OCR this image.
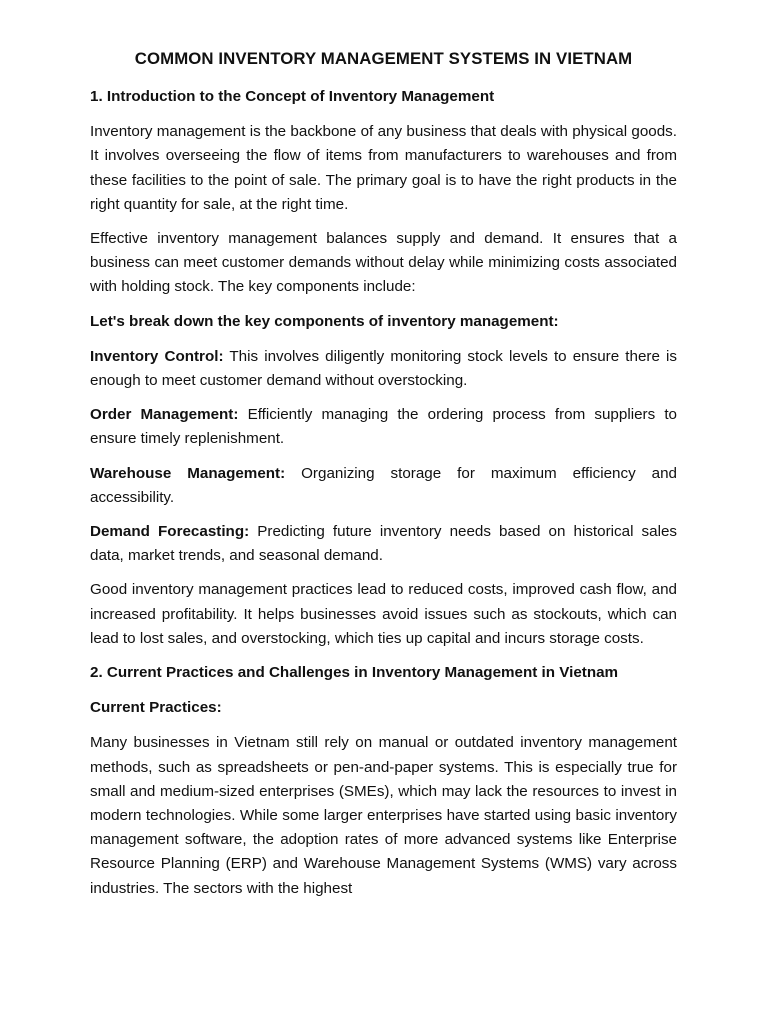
COMMON INVENTORY MANAGEMENT SYSTEMS IN VIETNAM
1. Introduction to the Concept of Inventory Management
Inventory management is the backbone of any business that deals with physical goods. It involves overseeing the flow of items from manufacturers to warehouses and from these facilities to the point of sale. The primary goal is to have the right products in the right quantity for sale, at the right time.
Effective inventory management balances supply and demand. It ensures that a business can meet customer demands without delay while minimizing costs associated with holding stock. The key components include:
Let's break down the key components of inventory management:
Inventory Control: This involves diligently monitoring stock levels to ensure there is enough to meet customer demand without overstocking.
Order Management: Efficiently managing the ordering process from suppliers to ensure timely replenishment.
Warehouse Management: Organizing storage for maximum efficiency and accessibility.
Demand Forecasting: Predicting future inventory needs based on historical sales data, market trends, and seasonal demand.
Good inventory management practices lead to reduced costs, improved cash flow, and increased profitability. It helps businesses avoid issues such as stockouts, which can lead to lost sales, and overstocking, which ties up capital and incurs storage costs.
2. Current Practices and Challenges in Inventory Management in Vietnam
Current Practices:
Many businesses in Vietnam still rely on manual or outdated inventory management methods, such as spreadsheets or pen-and-paper systems. This is especially true for small and medium-sized enterprises (SMEs), which may lack the resources to invest in modern technologies. While some larger enterprises have started using basic inventory management software, the adoption rates of more advanced systems like Enterprise Resource Planning (ERP) and Warehouse Management Systems (WMS) vary across industries. The sectors with the highest
